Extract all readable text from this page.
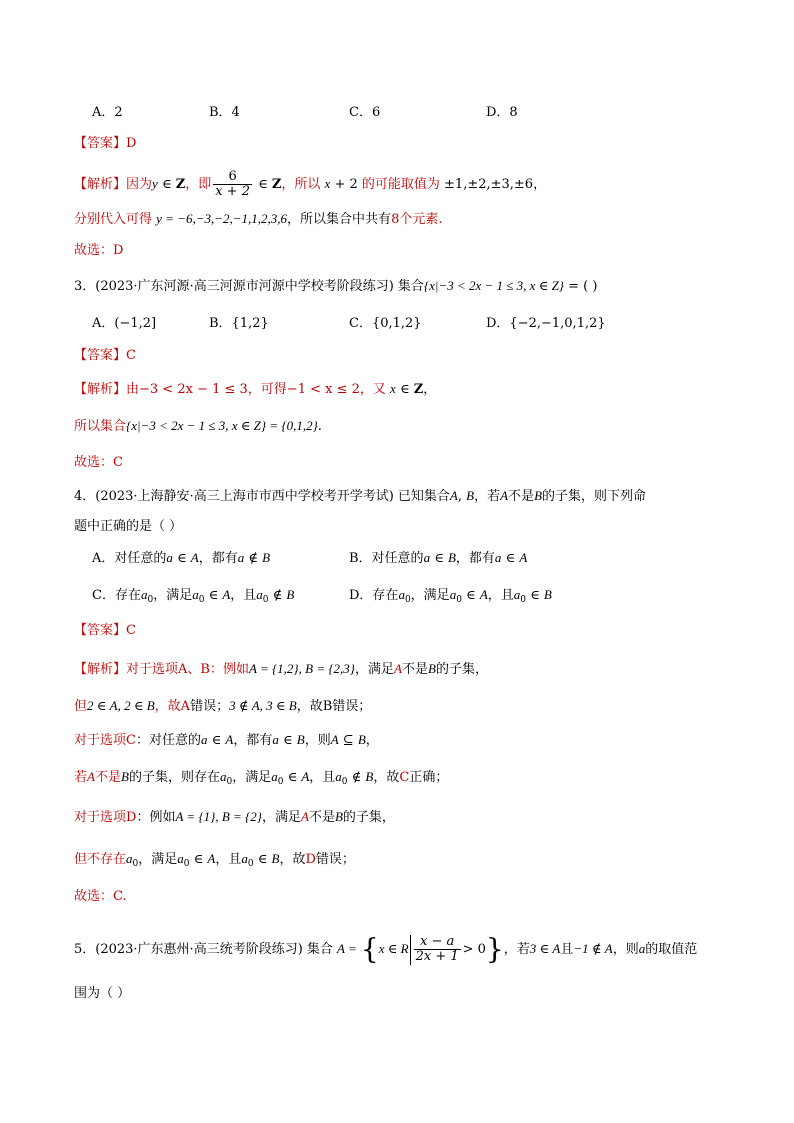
A．2	B．4	C．6	D．8
【答案】D
【解析】因为y ∈ Z，即 $\frac{6}{x + 2}$ ∈ Z，所以 x + 2 的可能取值为 ±1,±2,±3,±6，
分别代入可得 y = −6,−3,−2,−1,1,2,3,6，所以集合中共有8个元素.
故选：D
3．(2023·广东河源·高三河源市河源中学校考阶段练习) 集合{x|−3 < 2x − 1 ≤ 3, x ∈ Z} = ( )
A．(−1,2]	B．{1,2}	C．{0,1,2}	D．{−2,−1,0,1,2}
【答案】C
【解析】由−3 < 2x − 1 ≤ 3，可得−1 < x ≤ 2，又 x ∈ Z，
所以集合{x|−3 < 2x − 1 ≤ 3, x ∈ Z} = {0,1,2}.
故选：C
4．(2023·上海静安·高三上海市市西中学校考开学考试) 已知集合A, B，若A不是B的子集，则下列命
题中正确的是（ ）
A．对任意的a ∈ A，都有a ∉ B	B．对任意的a ∈ B，都有a ∈ A
C．存在$a_0$，满足$a_0$ ∈ A，且$a_0$ ∉ B	D．存在$a_0$，满足$a_0$ ∈ A，且$a_0$ ∈ B
【答案】C
【解析】对于选项A、B：例如A = {1,2}, B = {2,3}，满足A不是B的子集，
但2 ∈ A, 2 ∈ B，故A错误；3 ∉ A, 3 ∈ B，故B错误；
对于选项C：对任意的a ∈ A，都有a ∈ B，则A ⊆ B，
若A不是B的子集，则存在$a_0$，满足$a_0$ ∈ A，且$a_0$ ∉ B，故C正确；
对于选项D：例如A = {1}, B = {2}，满足A不是B的子集，
但不存在$a_0$，满足$a_0$ ∈ A，且$a_0$ ∈ B，故D错误；
故选：C.
5．(2023·广东惠州·高三统考阶段练习) 集合 A = {x ∈ R $\frac{x - a}{2x + 1} > 0$}，若3 ∈ A且−1 ∉ A，则a的取值范
围为（ ）
